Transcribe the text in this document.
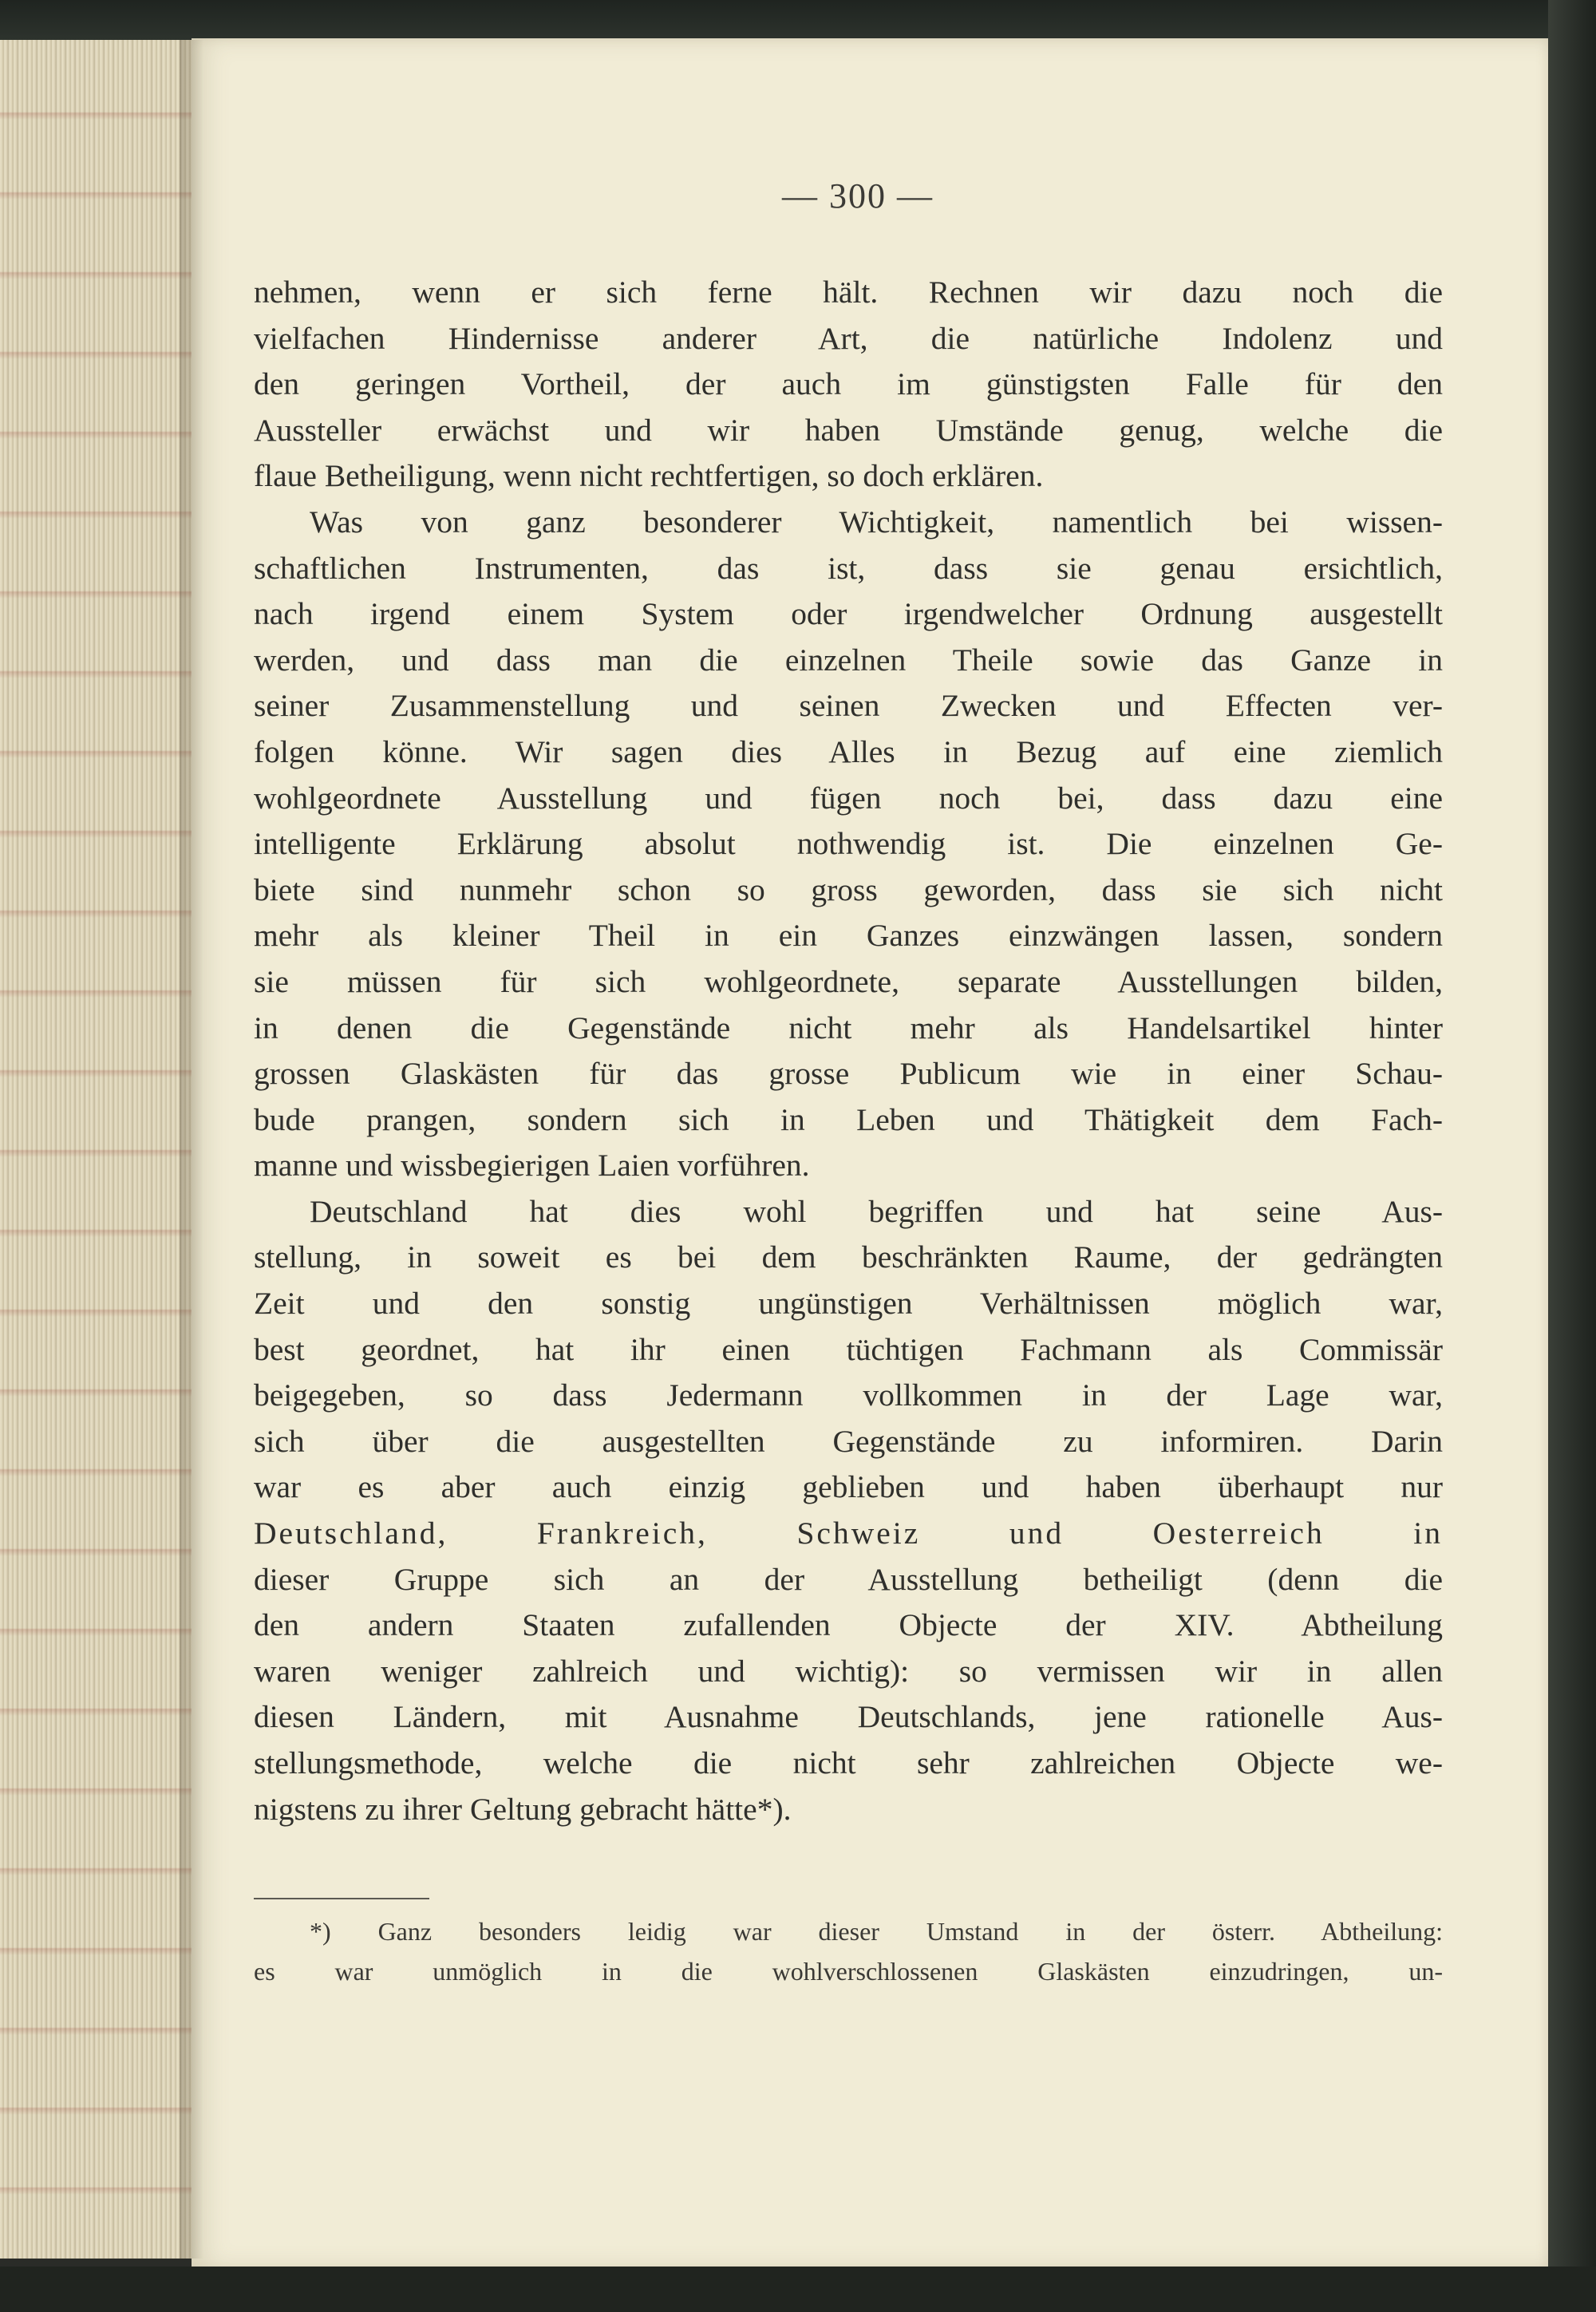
— 300 —
nehmen, wenn er sich ferne hält. Rechnen wir dazu noch die
vielfachen Hindernisse anderer Art, die natürliche Indolenz und
den geringen Vortheil, der auch im günstigsten Falle für den
Aussteller erwächst und wir haben Umstände genug, welche die
flaue Betheiligung, wenn nicht rechtfertigen, so doch erklären.
Was von ganz besonderer Wichtigkeit, namentlich bei wissen-
schaftlichen Instrumenten, das ist, dass sie genau ersichtlich,
nach irgend einem System oder irgendwelcher Ordnung ausgestellt
werden, und dass man die einzelnen Theile sowie das Ganze in
seiner Zusammenstellung und seinen Zwecken und Effecten ver-
folgen könne. Wir sagen dies Alles in Bezug auf eine ziemlich
wohlgeordnete Ausstellung und fügen noch bei, dass dazu eine
intelligente Erklärung absolut nothwendig ist. Die einzelnen Ge-
biete sind nunmehr schon so gross geworden, dass sie sich nicht
mehr als kleiner Theil in ein Ganzes einzwängen lassen, sondern
sie müssen für sich wohlgeordnete, separate Ausstellungen bilden,
in denen die Gegenstände nicht mehr als Handelsartikel hinter
grossen Glaskästen für das grosse Publicum wie in einer Schau-
bude prangen, sondern sich in Leben und Thätigkeit dem Fach-
manne und wissbegierigen Laien vorführen.
Deutschland hat dies wohl begriffen und hat seine Aus-
stellung, in soweit es bei dem beschränkten Raume, der gedrängten
Zeit und den sonstig ungünstigen Verhältnissen möglich war,
best geordnet, hat ihr einen tüchtigen Fachmann als Commissär
beigegeben, so dass Jedermann vollkommen in der Lage war,
sich über die ausgestellten Gegenstände zu informiren. Darin
war es aber auch einzig geblieben und haben überhaupt nur
Deutschland, Frankreich, Schweiz und Oesterreich in
dieser Gruppe sich an der Ausstellung betheiligt (denn die
den andern Staaten zufallenden Objecte der XIV. Abtheilung
waren weniger zahlreich und wichtig): so vermissen wir in allen
diesen Ländern, mit Ausnahme Deutschlands, jene rationelle Aus-
stellungsmethode, welche die nicht sehr zahlreichen Objecte we-
nigstens zu ihrer Geltung gebracht hätte*).
*) Ganz besonders leidig war dieser Umstand in der österr. Abtheilung:
es war unmöglich in die wohlverschlossenen Glaskästen einzudringen, un-
